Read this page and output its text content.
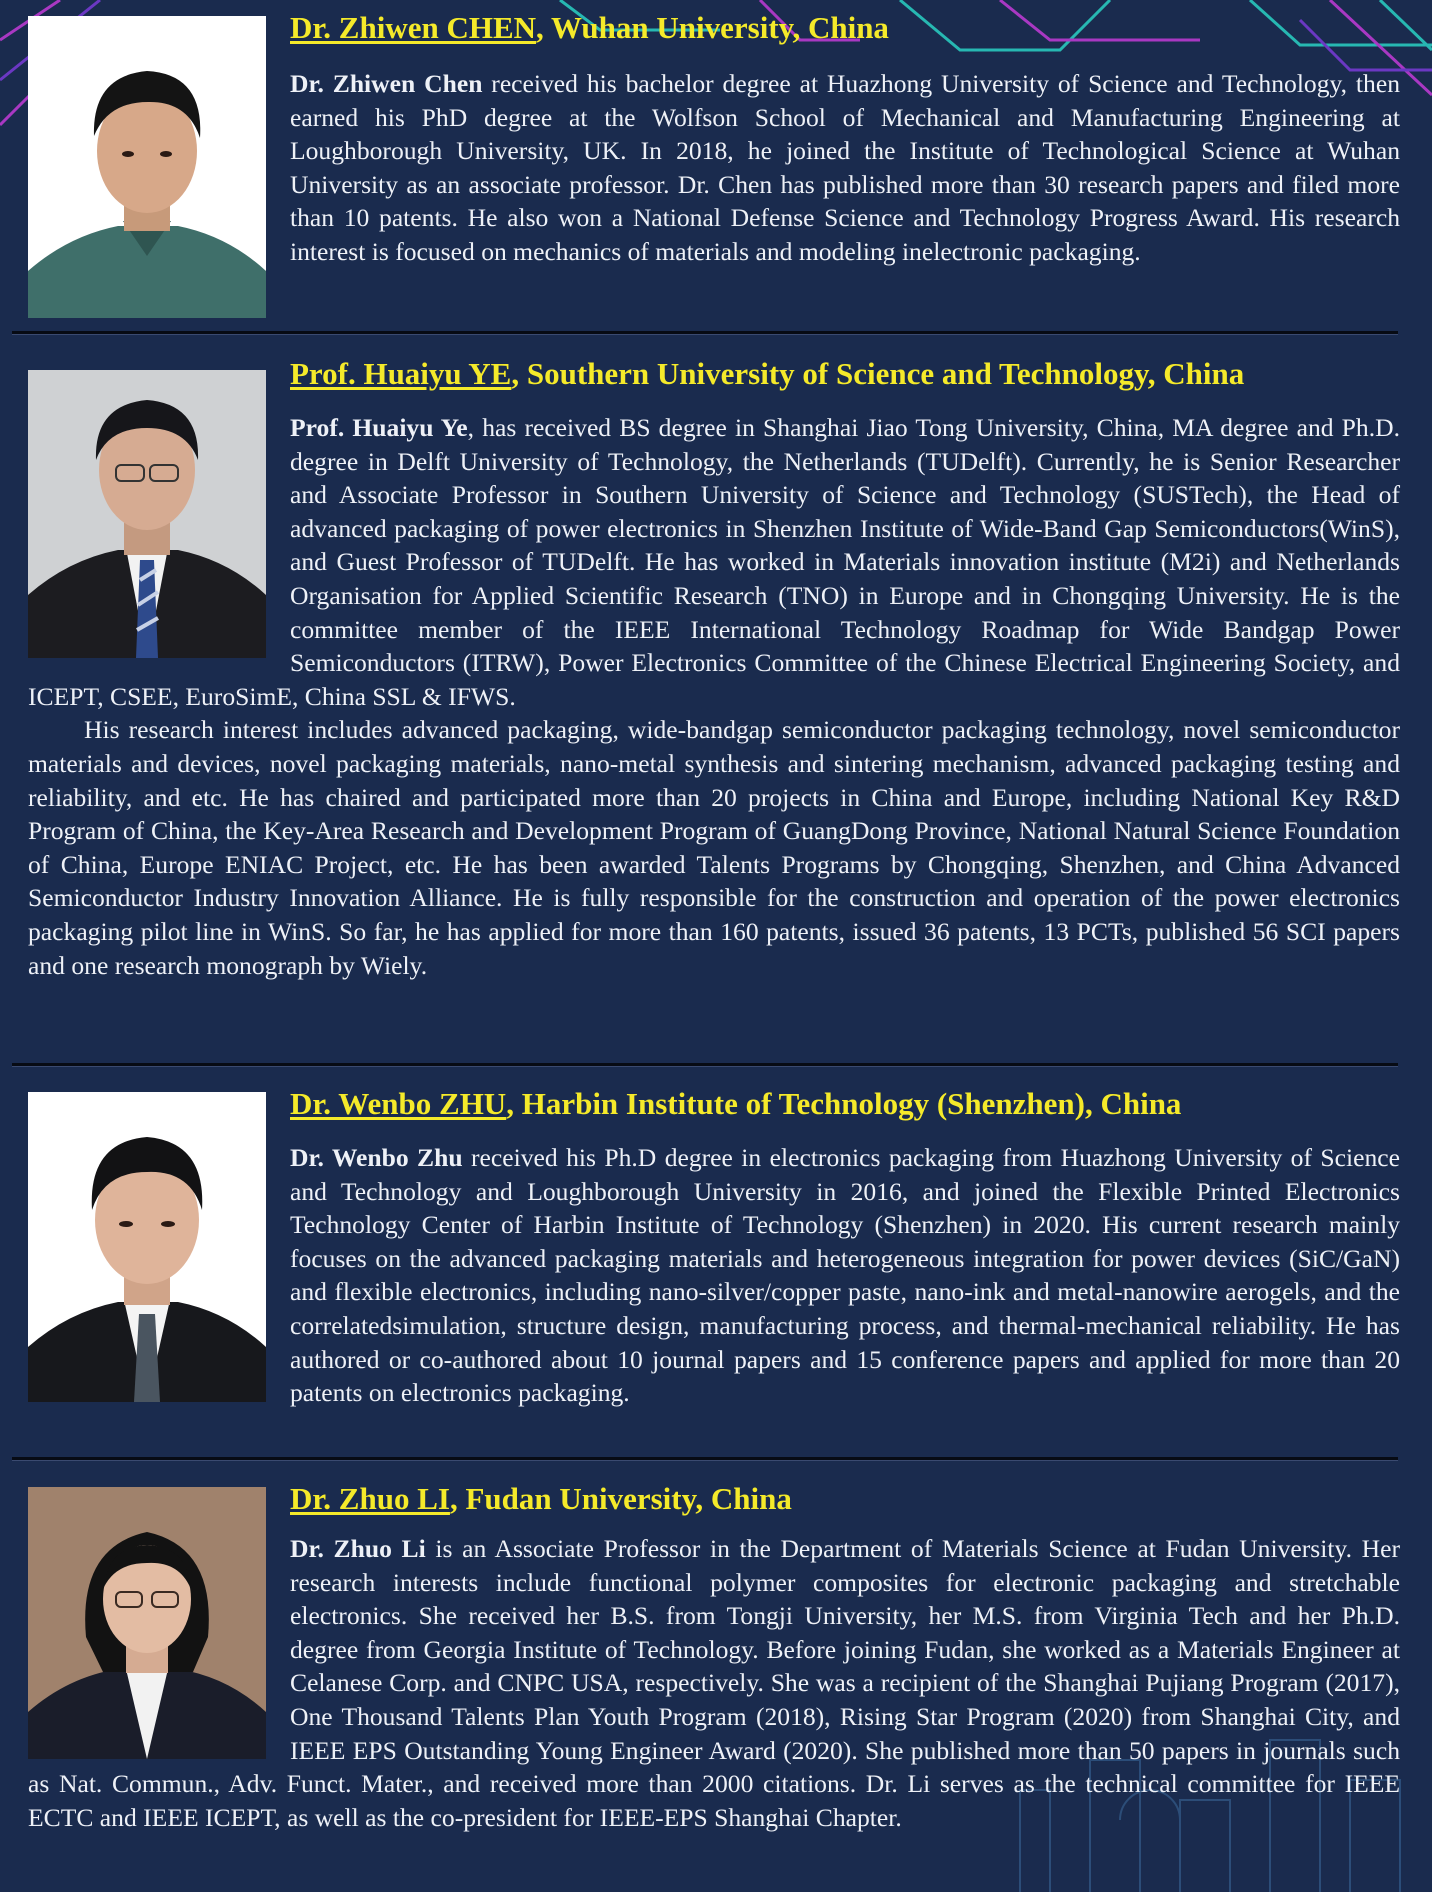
Dr. Zhiwen CHEN, Wuhan University, China

Dr. Zhiwen Chen received his bachelor degree at Huazhong University of Science and Technology, then earned his PhD degree at the Wolfson School of Mechanical and Manufacturing Engineering at Loughborough University, UK. In 2018, he joined the Institute of Technological Science at Wuhan University as an associate professor. Dr. Chen has published more than 30 research papers and filed more than 10 patents. He also won a National Defense Science and Technology Progress Award. His research interest is focused on mechanics of materials and modeling inelectronic packaging.

Prof. Huaiyu YE, Southern University of Science and Technology, China

Prof. Huaiyu Ye, has received BS degree in Shanghai Jiao Tong University, China, MA degree and Ph.D. degree in Delft University of Technology, the Netherlands (TUDelft). Currently, he is Senior Researcher and Associate Professor in Southern University of Science and Technology (SUSTech), the Head of advanced packaging of power electronics in Shenzhen Institute of Wide-Band Gap Semiconductors(WinS), and Guest Professor of TUDelft. He has worked in Materials innovation institute (M2i) and Netherlands Organisation for Applied Scientific Research (TNO) in Europe and in Chongqing University. He is the committee member of the IEEE International Technology Roadmap for Wide Bandgap Power Semiconductors (ITRW), Power Electronics Committee of the Chinese Electrical Engineering Society, and ICEPT, CSEE, EuroSimE, China SSL & IFWS.

His research interest includes advanced packaging, wide-bandgap semiconductor packaging technology, novel semiconductor materials and devices, novel packaging materials, nano-metal synthesis and sintering mechanism, advanced packaging testing and reliability, and etc. He has chaired and participated more than 20 projects in China and Europe, including National Key R&D Program of China, the Key-Area Research and Development Program of GuangDong Province, National Natural Science Foundation of China, Europe ENIAC Project, etc. He has been awarded Talents Programs by Chongqing, Shenzhen, and China Advanced Semiconductor Industry Innovation Alliance. He is fully responsible for the construction and operation of the power electronics packaging pilot line in WinS. So far, he has applied for more than 160 patents, issued 36 patents, 13 PCTs, published 56 SCI papers and one research monograph by Wiely.

Dr. Wenbo ZHU, Harbin Institute of Technology (Shenzhen), China

Dr. Wenbo Zhu received his Ph.D degree in electronics packaging from Huazhong University of Science and Technology and Loughborough University in 2016, and joined the Flexible Printed Electronics Technology Center of Harbin Institute of Technology (Shenzhen) in 2020. His current research mainly focuses on the advanced packaging materials and heterogeneous integration for power devices (SiC/GaN) and flexible electronics, including nano-silver/copper paste, nano-ink and metal-nanowire aerogels, and the correlatedsimulation, structure design, manufacturing process, and thermal-mechanical reliability. He has authored or co-authored about 10 journal papers and 15 conference papers and applied for more than 20 patents on electronics packaging.

Dr. Zhuo LI, Fudan University, China

Dr. Zhuo Li is an Associate Professor in the Department of Materials Science at Fudan University. Her research interests include functional polymer composites for electronic packaging and stretchable electronics. She received her B.S. from Tongji University, her M.S. from Virginia Tech and her Ph.D. degree from Georgia Institute of Technology. Before joining Fudan, she worked as a Materials Engineer at Celanese Corp. and CNPC USA, respectively. She was a recipient of the Shanghai Pujiang Program (2017), One Thousand Talents Plan Youth Program (2018), Rising Star Program (2020) from Shanghai City, and IEEE EPS Outstanding Young Engineer Award (2020). She published more than 50 papers in journals such as Nat. Commun., Adv. Funct. Mater., and received more than 2000 citations. Dr. Li serves as the technical committee for IEEE ECTC and IEEE ICEPT, as well as the co-president for IEEE-EPS Shanghai Chapter.
